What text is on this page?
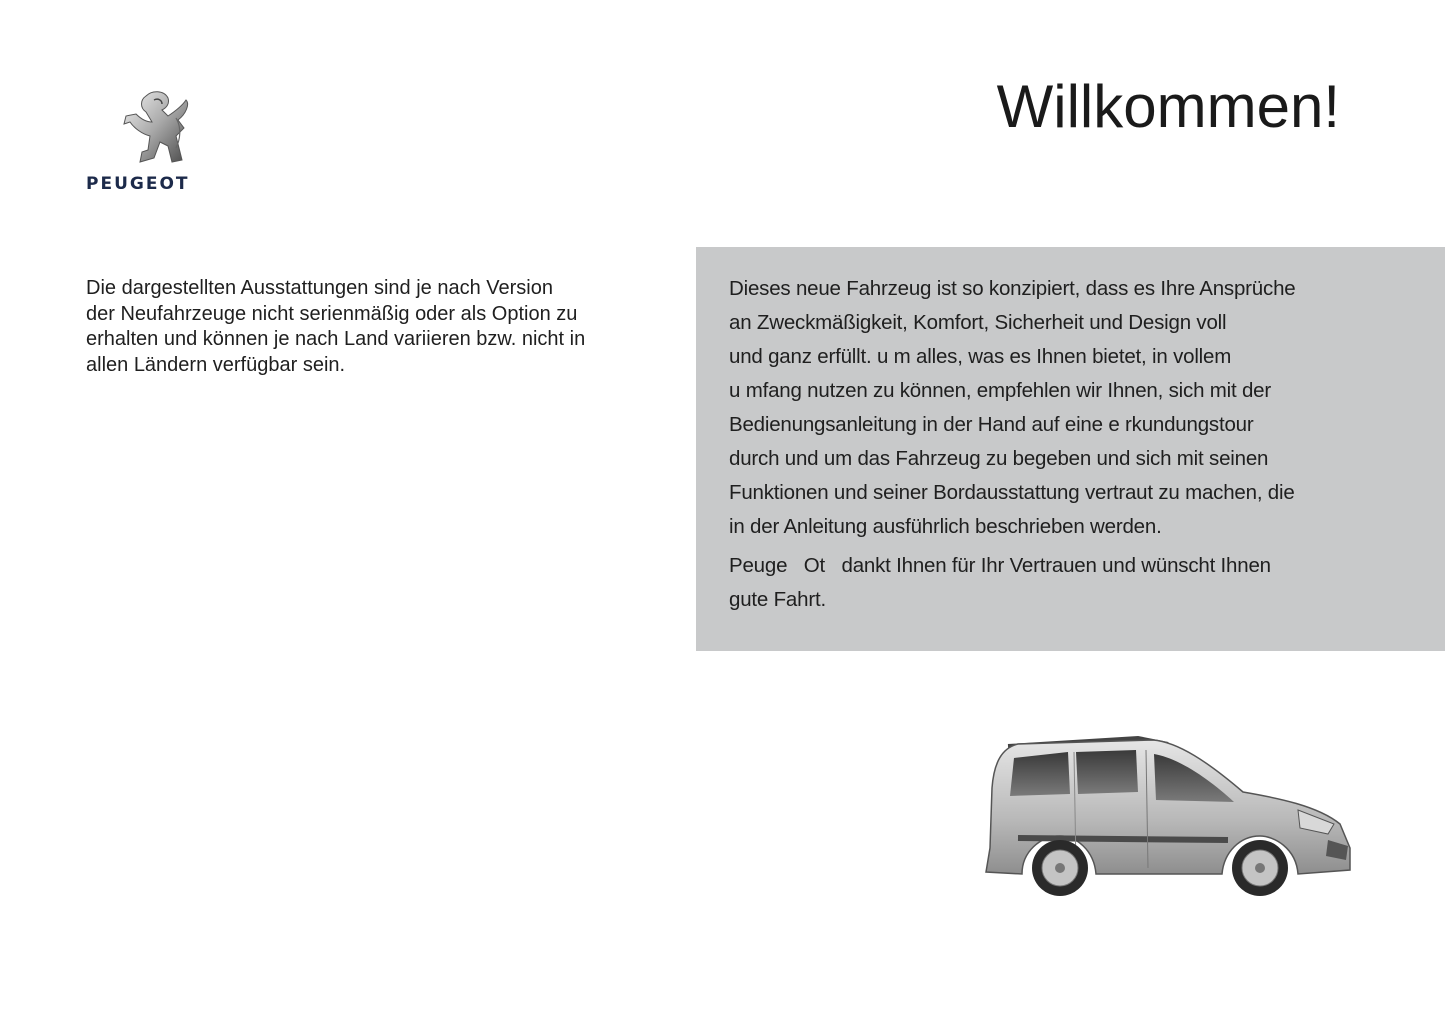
PEUGEOT
Willkommen!

Die dargestellten Ausstattungen sind je nach Version

der Neufahrzeuge nicht serienmäßig oder als Option zu

erhalten und können je nach Land variieren bzw. nicht in

allen Ländern verfügbar sein.

Dieses neue Fahrzeug ist so konzipiert, dass es Ihre Ansprüche
an Zweckmäßigkeit, Komfort, Sicherheit und Design voll
und ganz erfüllt. u m alles, was es Ihnen bietet, in vollem
u mfang nutzen zu können, empfehlen wir Ihnen, sich mit der
Bedienungsanleitung in der Hand auf eine e rkundungstour
durch und um das Fahrzeug zu begeben und sich mit seinen
Funktionen und seiner Bordausstattung vertraut zu machen, die
in der Anleitung ausführlich beschrieben werden.
Peuge   Ot   dankt Ihnen für Ihr Vertrauen und wünscht Ihnen
gute Fahrt.
